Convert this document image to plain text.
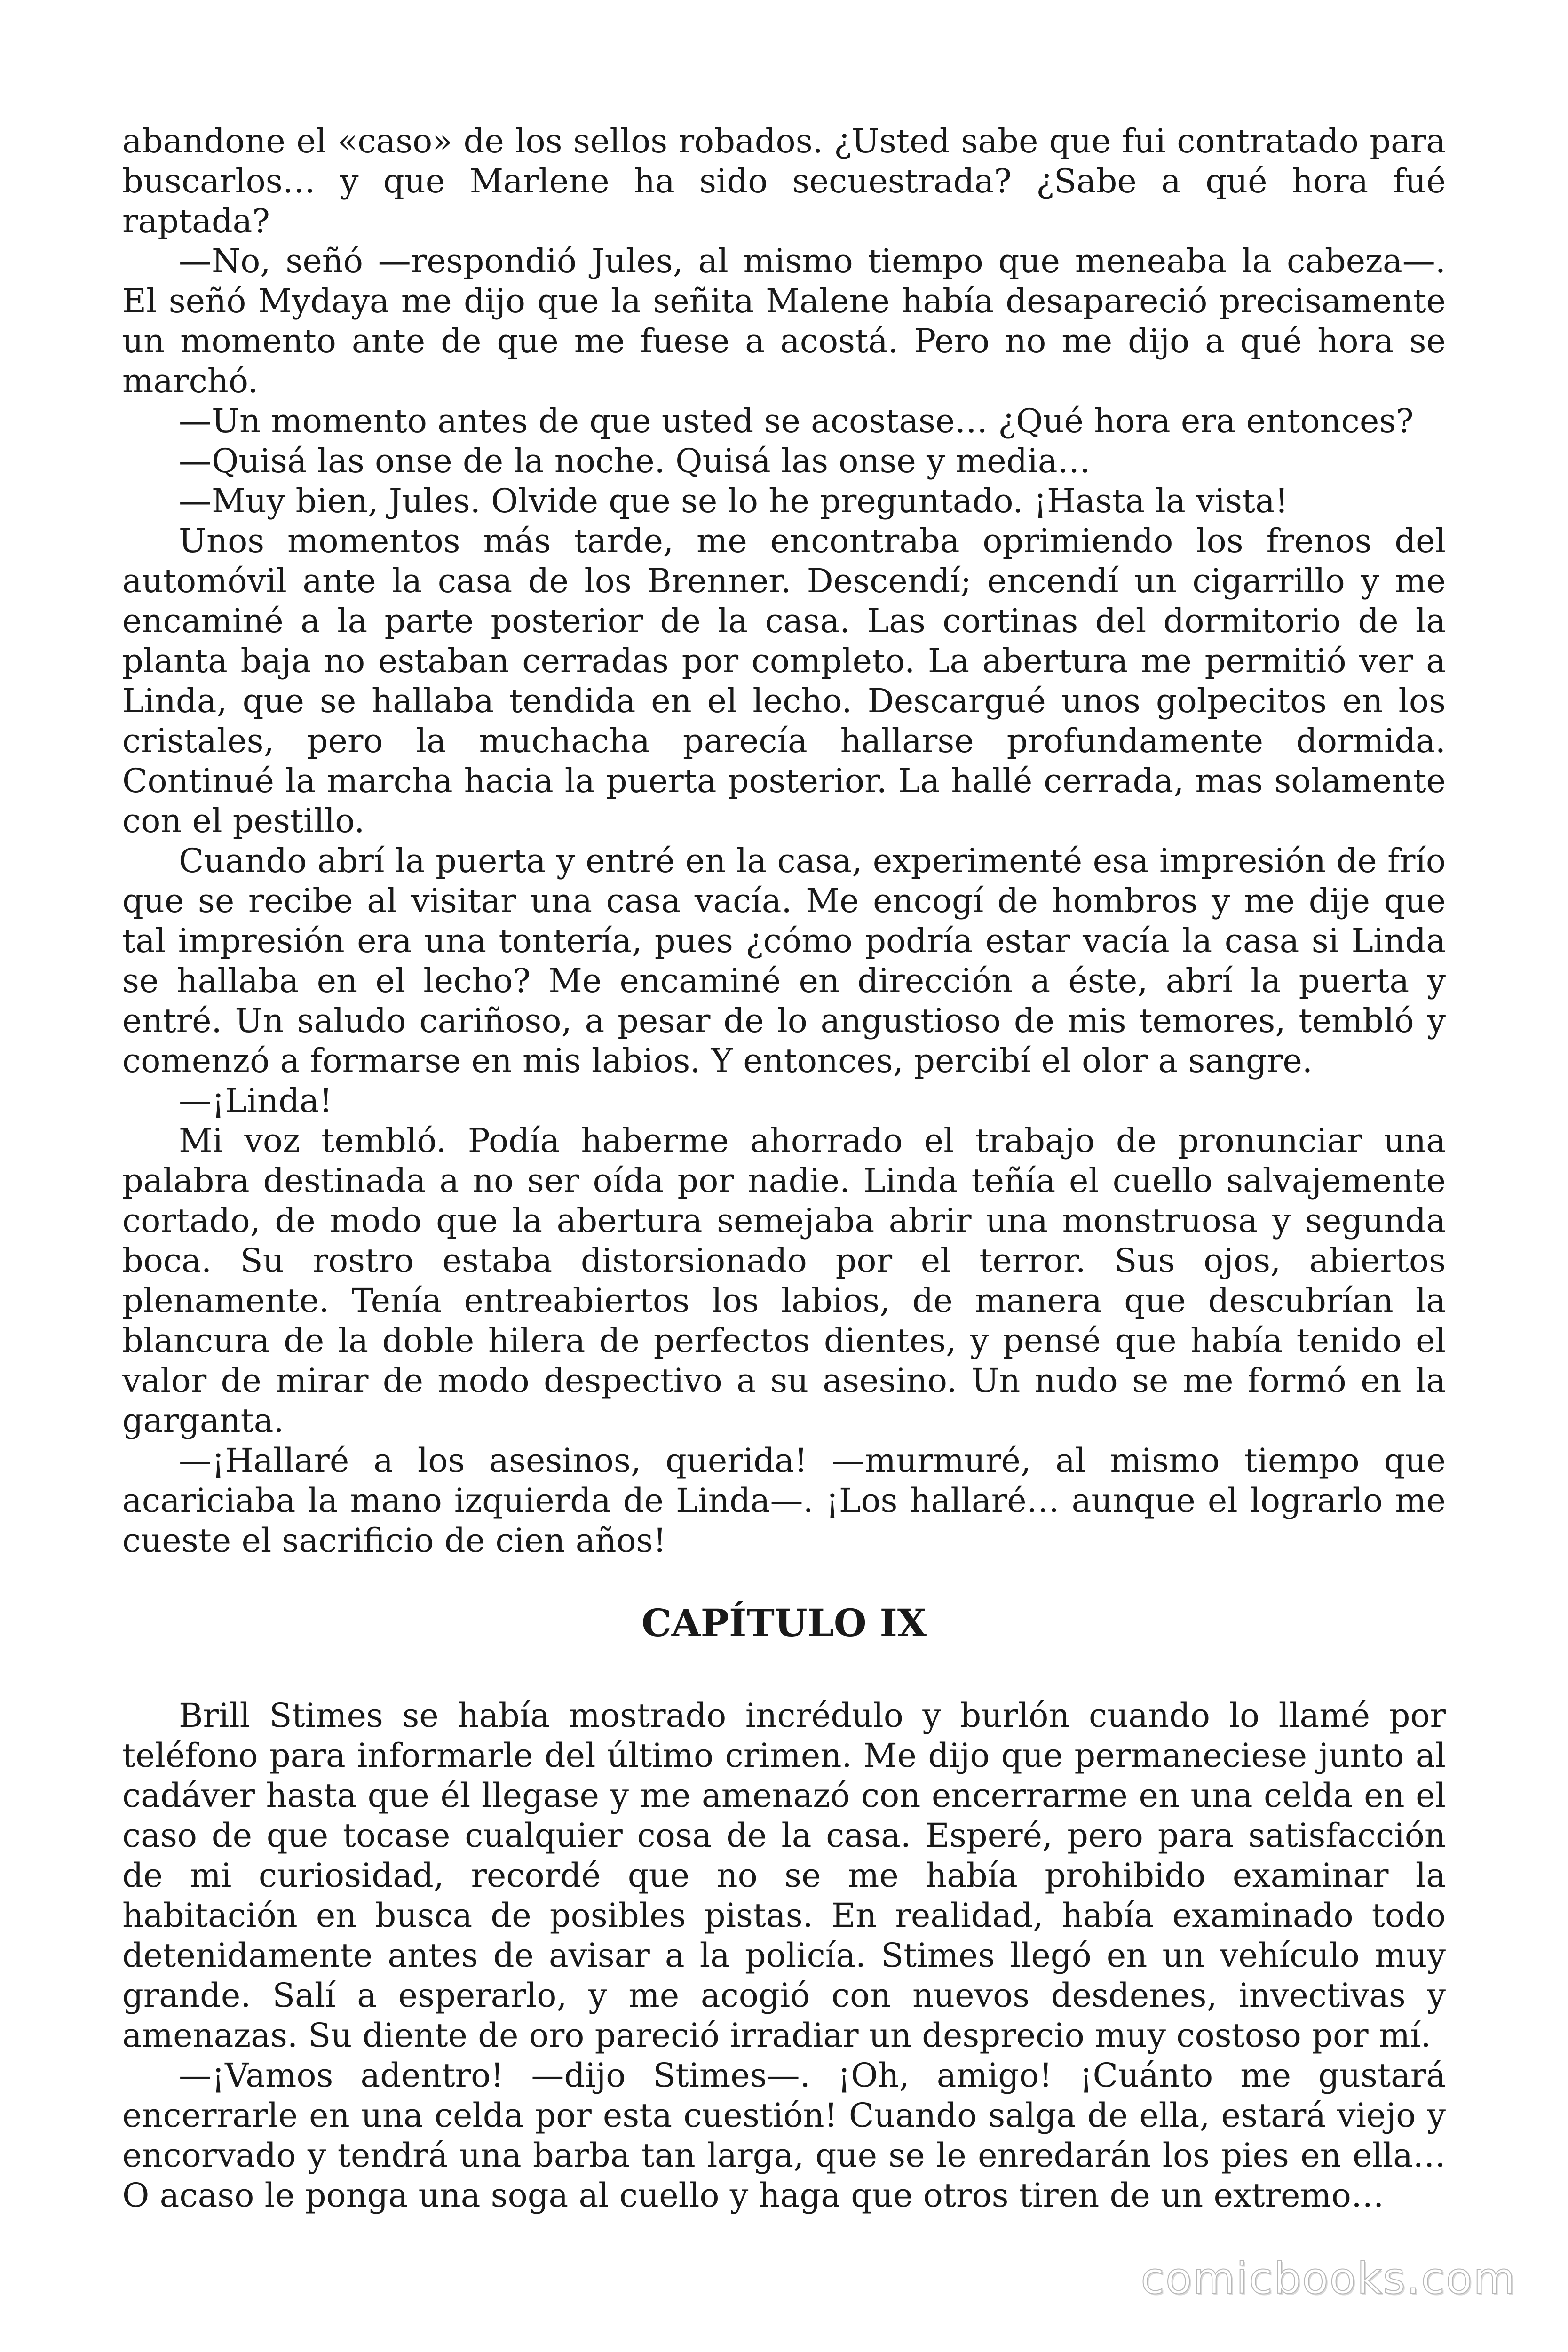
abandone el «caso» de los sellos robados. ¿Usted sabe que fui contratado para buscarlos… y que Marlene ha sido secuestrada? ¿Sabe a qué hora fué raptada?

—No, señó —respondió Jules, al mismo tiempo que meneaba la cabeza—. El señó Mydaya me dijo que la señita Malene había desapareció precisamente un momento ante de que me fuese a acostá. Pero no me dijo a qué hora se marchó.

—Un momento antes de que usted se acostase… ¿Qué hora era entonces?

—Quisá las onse de la noche. Quisá las onse y media…

—Muy bien, Jules. Olvide que se lo he preguntado. ¡Hasta la vista!

Unos momentos más tarde, me encontraba oprimiendo los frenos del automóvil ante la casa de los Brenner. Descendí; encendí un cigarrillo y me encaminé a la parte posterior de la casa. Las cortinas del dormitorio de la planta baja no estaban cerradas por completo. La abertura me permitió ver a Linda, que se hallaba tendida en el lecho. Descargué unos golpecitos en los cristales, pero la muchacha parecía hallarse profundamente dormida. Continué la marcha hacia la puerta posterior. La hallé cerrada, mas solamente con el pestillo.

Cuando abrí la puerta y entré en la casa, experimenté esa impresión de frío que se recibe al visitar una casa vacía. Me encogí de hombros y me dije que tal impresión era una tontería, pues ¿cómo podría estar vacía la casa si Linda se hallaba en el lecho? Me encaminé en dirección a éste, abrí la puerta y entré. Un saludo cariñoso, a pesar de lo angustioso de mis temores, tembló y comenzó a formarse en mis labios. Y entonces, percibí el olor a sangre.

—¡Linda!

Mi voz tembló. Podía haberme ahorrado el trabajo de pronunciar una palabra destinada a no ser oída por nadie. Linda teñía el cuello salvajemente cortado, de modo que la abertura semejaba abrir una monstruosa y segunda boca. Su rostro estaba distorsionado por el terror. Sus ojos, abiertos plenamente. Tenía entreabiertos los labios, de manera que descubrían la blancura de la doble hilera de perfectos dientes, y pensé que había tenido el valor de mirar de modo despectivo a su asesino. Un nudo se me formó en la garganta.

—¡Hallaré a los asesinos, querida! —murmuré, al mismo tiempo que acariciaba la mano izquierda de Linda—. ¡Los hallaré… aunque el lograrlo me cueste el sacrificio de cien años!

CAPÍTULO IX

Brill Stimes se había mostrado incrédulo y burlón cuando lo llamé por teléfono para informarle del último crimen. Me dijo que permaneciese junto al cadáver hasta que él llegase y me amenazó con encerrarme en una celda en el caso de que tocase cualquier cosa de la casa. Esperé, pero para satisfacción de mi curiosidad, recordé que no se me había prohibido examinar la habitación en busca de posibles pistas. En realidad, había examinado todo detenidamente antes de avisar a la policía. Stimes llegó en un vehículo muy grande. Salí a esperarlo, y me acogió con nuevos desdenes, invectivas y amenazas. Su diente de oro pareció irradiar un desprecio muy costoso por mí.

—¡Vamos adentro! —dijo Stimes—. ¡Oh, amigo! ¡Cuánto me gustará encerrarle en una celda por esta cuestión! Cuando salga de ella, estará viejo y encorvado y tendrá una barba tan larga, que se le enredarán los pies en ella… O acaso le ponga una soga al cuello y haga que otros tiren de un extremo…

comicbooks.com
